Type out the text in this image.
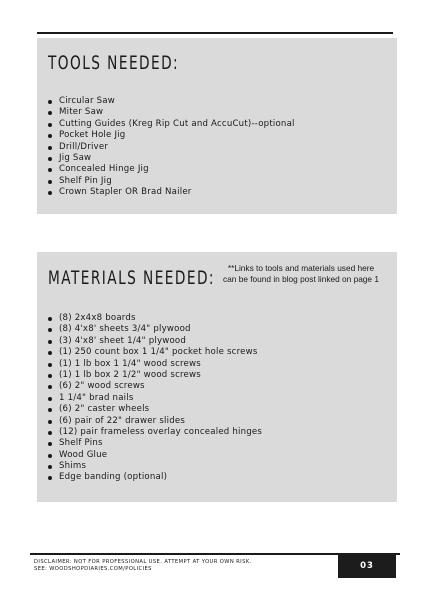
TOOLS NEEDED:
Circular Saw
Miter Saw
Cutting Guides (Kreg Rip Cut and AccuCut)--optional
Pocket Hole Jig
Drill/Driver
Jig Saw
Concealed Hinge Jig
Shelf Pin Jig
Crown Stapler OR Brad Nailer
MATERIALS NEEDED:	**Links to tools and materials used here
can be found in blog post linked on page 1
(8) 2x4x8 boards
(8) 4'x8' sheets 3/4" plywood
(3) 4'x8' sheet 1/4" plywood
(1) 250 count box 1 1/4" pocket hole screws
(1) 1 lb box 1 1/4" wood screws
(1) 1 lb box 2 1/2" wood screws
(6) 2" wood screws
1 1/4" brad nails
(6) 2" caster wheels
(6) pair of 22" drawer slides
(12) pair frameless overlay concealed hinges
Shelf Pins
Wood Glue
Shims
Edge banding (optional)
DISCLAIMER: NOT FOR PROFESSIONAL USE. ATTEMPT AT YOUR OWN RISK.
SEE: WOODSHOPDIARIES.COM/POLICIES	03
